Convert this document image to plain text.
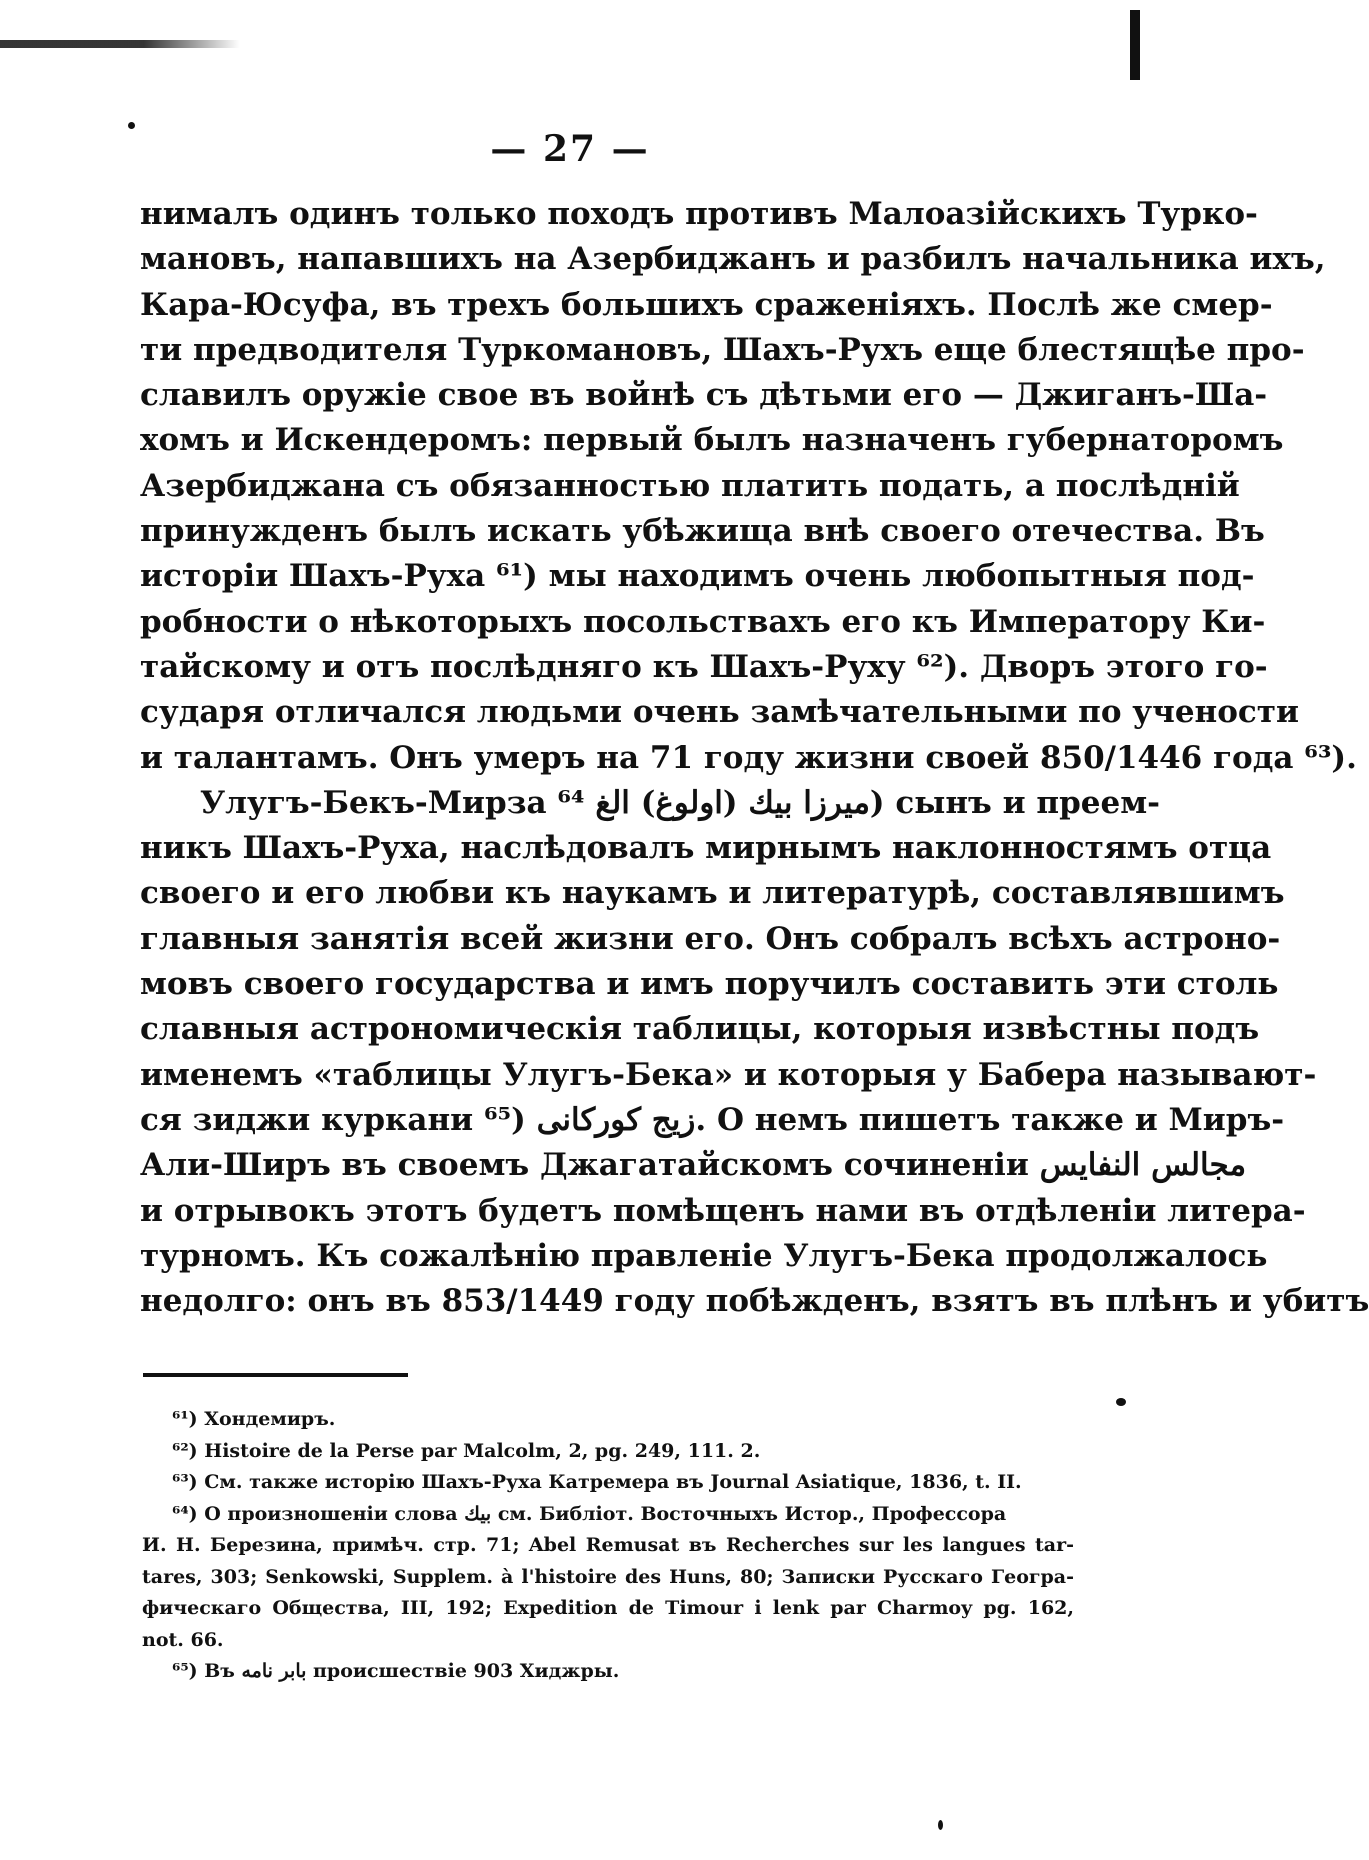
— 27 —
нималъ одинъ только походъ противъ Малоазійскихъ Турко-
мановъ, напавшихъ на Азербиджанъ и разбилъ начальника ихъ,
Кара-Юсуфа, въ трехъ большихъ сраженіяхъ. Послѣ же смер-
ти предводителя Туркомановъ, Шахъ-Рухъ еще блестящѣе про-
славилъ оружіе свое въ войнѣ съ дѣтьми его — Джиганъ-Ша-
хомъ и Искендеромъ: первый былъ назначенъ губернаторомъ
Азербиджана съ обязанностью платить подать, а послѣдній
принужденъ былъ искать убѣжища внѣ своего отечества. Въ
исторіи Шахъ-Руха ⁶¹) мы находимъ очень любопытныя под-
робности о нѣкоторыхъ посольствахъ его къ Императору Ки-
тайскому и отъ послѣдняго къ Шахъ-Руху ⁶²). Дворъ этого го-
сударя отличался людьми очень замѣчательными по учености
и талантамъ. Онъ умеръ на 71 году жизни своей 850/1446 года ⁶³).
Улугъ-Бекъ-Мирза میرزا بیك (اولوغ) الغ ⁶⁴) сынъ и преем-
никъ Шахъ-Руха, наслѣдовалъ мирнымъ наклонностямъ отца
своего и его любви къ наукамъ и литературѣ, составлявшимъ
главныя занятія всей жизни его. Онъ собралъ всѣхъ астроно-
мовъ своего государства и имъ поручилъ составить эти столь
славныя астрономическія таблицы, которыя извѣстны подъ
именемъ «таблицы Улугъ-Бека» и которыя у Бабера называют-
ся зиджи куркани ⁶⁵) زیج کورکانی. О немъ пишетъ также и Миръ-
Али-Ширъ въ своемъ Джагатайскомъ сочиненіи مجالس النفایس
и отрывокъ этотъ будетъ помѣщенъ нами въ отдѣленіи литера-
турномъ. Къ сожалѣнію правленіе Улугъ-Бека продолжалось
недолго: онъ въ 853/1449 году побѣжденъ, взятъ въ плѣнъ и убитъ
⁶¹) Хондемиръ.
⁶²) Histoire de la Perse par Malcolm, 2, pg. 249, 111. 2.
⁶³) См. также исторію Шахъ-Руха Катремера въ Journal Asiatique, 1836, t. II.
⁶⁴) О произношеніи слова بیك см. Библіот. Восточныхъ Истор., Профессора
И. Н. Березина, примѣч. стр. 71; Abel Remusat въ Recherches sur les langues tar-
tares, 303; Senkowski, Supplem. à l'histoire des Huns, 80; Записки Русскаго Геогра-
фическаго Общества, III, 192; Expedition de Timour i lenk par Charmoy pg. 162,
not. 66.
⁶⁵) Въ بابر نامه происшествіе 903 Хиджры.
